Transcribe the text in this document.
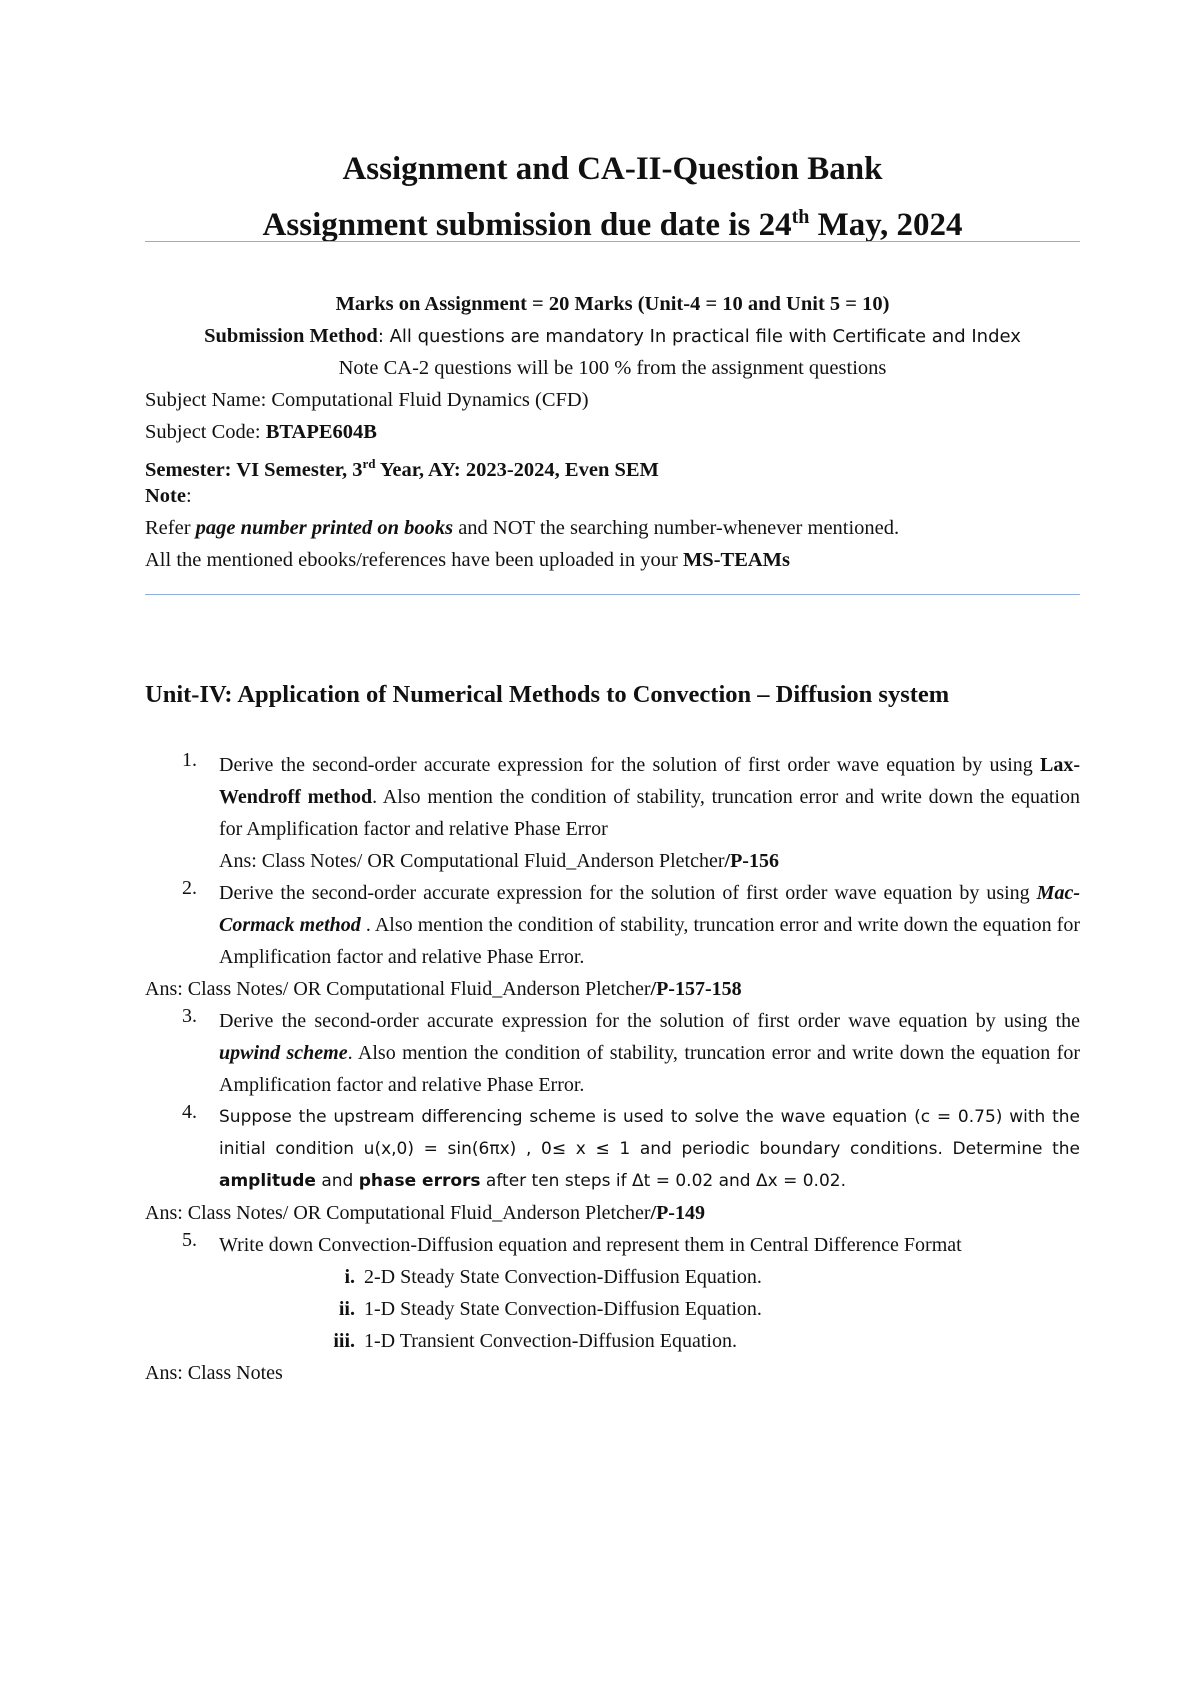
Assignment and CA-II-Question Bank
Assignment submission due date is 24th May, 2024
Marks on Assignment = 20 Marks (Unit-4 = 10 and Unit 5 = 10)
Submission Method: All questions are mandatory In practical file with Certificate and Index
Note CA-2 questions will be 100 % from the assignment questions
Subject Name: Computational Fluid Dynamics (CFD)
Subject Code: BTAPE604B
Semester: VI Semester, 3rd Year, AY: 2023-2024, Even SEM
Note:
Refer page number printed on books and NOT the searching number-whenever mentioned.
All the mentioned ebooks/references have been uploaded in your MS-TEAMs
Unit-IV: Application of Numerical Methods to Convection – Diffusion system
1. Derive the second-order accurate expression for the solution of first order wave equation by using Lax-Wendroff method. Also mention the condition of stability, truncation error and write down the equation for Amplification factor and relative Phase Error
Ans: Class Notes/ OR Computational Fluid_Anderson Pletcher/P-156
2. Derive the second-order accurate expression for the solution of first order wave equation by using Mac-Cormack method . Also mention the condition of stability, truncation error and write down the equation for Amplification factor and relative Phase Error.
Ans: Class Notes/ OR Computational Fluid_Anderson Pletcher/P-157-158
3. Derive the second-order accurate expression for the solution of first order wave equation by using the upwind scheme. Also mention the condition of stability, truncation error and write down the equation for Amplification factor and relative Phase Error.
4. Suppose the upstream differencing scheme is used to solve the wave equation (c = 0.75) with the initial condition u(x,0) = sin(6πx) , 0≤ x ≤ 1 and periodic boundary conditions. Determine the amplitude and phase errors after ten steps if Δt = 0.02 and Δx = 0.02.
Ans: Class Notes/ OR Computational Fluid_Anderson Pletcher/P-149
5. Write down Convection-Diffusion equation and represent them in Central Difference Format
i. 2-D Steady State Convection-Diffusion Equation.
ii. 1-D Steady State Convection-Diffusion Equation.
iii. 1-D Transient Convection-Diffusion Equation.
Ans: Class Notes
